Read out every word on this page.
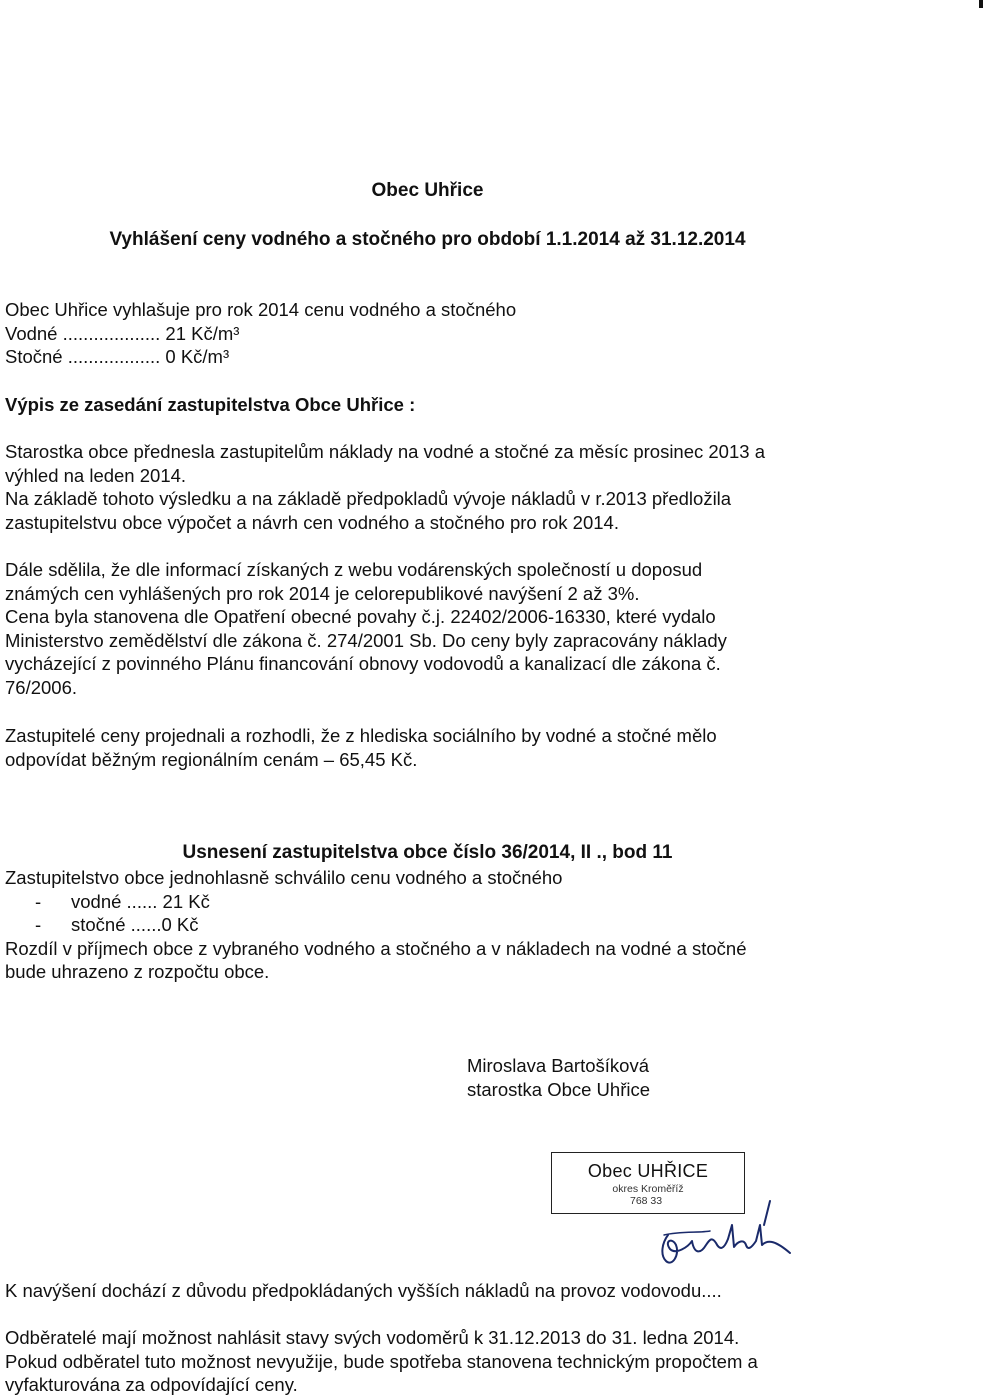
Obec Uhřice
Vyhlášení ceny vodného a stočného pro období 1.1.2014 až 31.12.2014
Obec Uhřice vyhlašuje pro rok 2014 cenu vodného a stočného
Vodné ................... 21 Kč/m³
Stočné .................. 0 Kč/m³
Výpis ze zasedání zastupitelstva Obce Uhřice :
Starostka obce přednesla zastupitelům náklady na vodné a stočné za měsíc prosinec 2013 a
výhled na leden 2014.
Na základě tohoto výsledku a na základě předpokladů vývoje nákladů v r.2013 předložila
zastupitelstvu obce výpočet a návrh cen vodného a stočného pro rok 2014.
Dále sdělila, že dle informací získaných z webu vodárenských společností u doposud
známých cen vyhlášených pro rok 2014 je celorepublikové navýšení 2 až 3%.
Cena byla stanovena dle Opatření obecné povahy č.j. 22402/2006-16330, které vydalo
Ministerstvo zemědělství dle zákona č. 274/2001 Sb. Do ceny byly zapracovány náklady
vycházející z povinného Plánu financování obnovy vodovodů a kanalizací dle zákona č.
76/2006.
Zastupitelé ceny projednali a rozhodli, že z hlediska sociálního by vodné a stočné mělo
odpovídat běžným regionálním cenám – 65,45 Kč.
Usnesení zastupitelstva obce číslo 36/2014, II ., bod 11
Zastupitelstvo obce jednohlasně schválilo cenu vodného a stočného
-	vodné ...... 21 Kč
-	stočné ......0 Kč
Rozdíl v příjmech obce z vybraného vodného a stočného a v nákladech na vodné a stočné
bude uhrazeno z rozpočtu obce.
Miroslava Bartošíková
starostka Obce Uhřice
Obec UHŘICE
okres Kroměříž
768 33
K navýšení dochází z důvodu předpokládaných vyšších nákladů na provoz vodovodu....
Odběratelé mají možnost nahlásit stavy svých vodoměrů k 31.12.2013 do 31. ledna 2014.
Pokud odběratel tuto možnost nevyužije, bude spotřeba stanovena technickým propočtem a
vyfakturována za odpovídající ceny.
